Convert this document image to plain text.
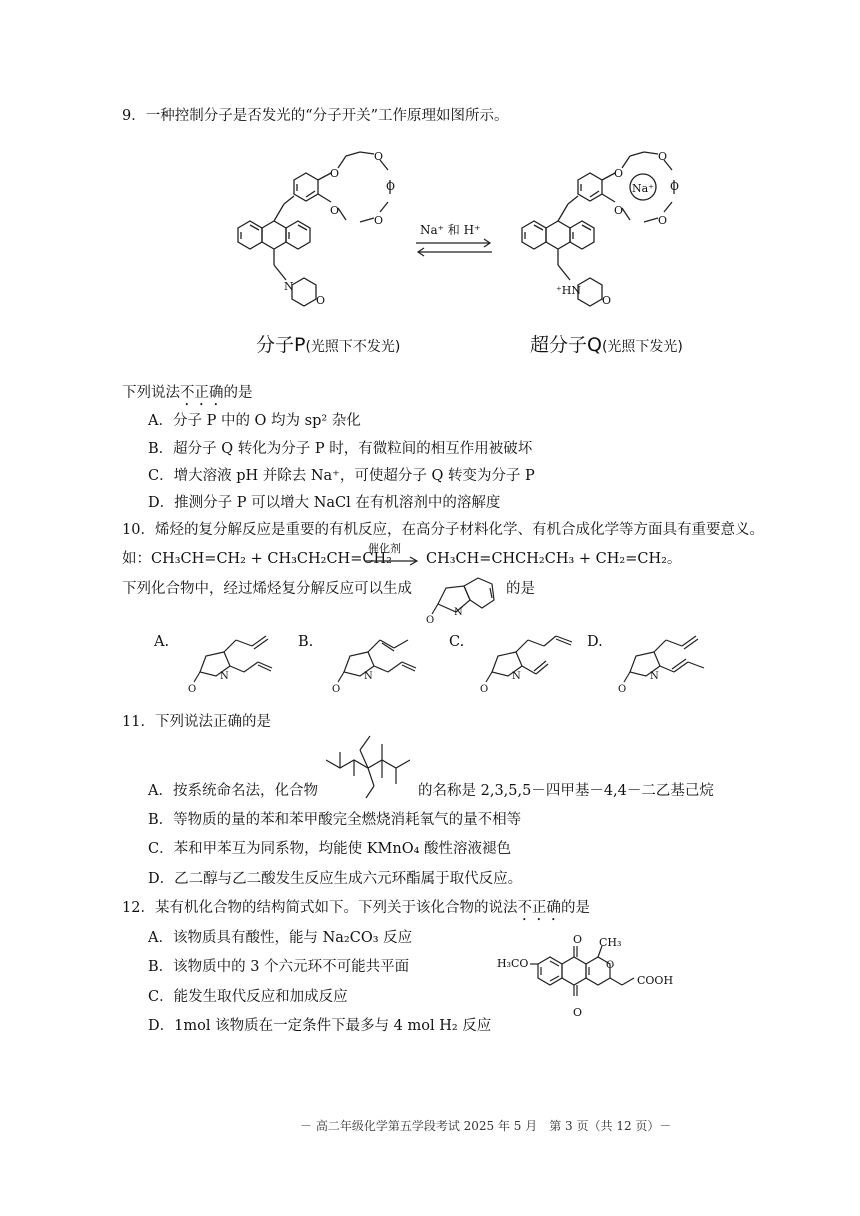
9．一种控制分子是否发光的“分子开关”工作原理如图所示。
O
O
O
O
O
N
O
Na⁺ 和 H⁺
O
O
O
O
O
O
Na⁺
⁺HN
分子P(光照下不发光)	超分子Q(光照下发光)
下列说法不正确的是
A．分子 P 中的 O 均为 sp² 杂化
B．超分子 Q 转化为分子 P 时，有微粒间的相互作用被破坏
C．增大溶液 pH 并除去 Na⁺，可使超分子 Q 转变为分子 P
D．推测分子 P 可以增大 NaCl 在有机溶剂中的溶解度
10．烯烃的复分解反应是重要的有机反应，在高分子材料化学、有机合成化学等方面具有重要意义。
如：CH₃CH=CH₂ + CH₃CH₂CH=CH₂
催化剂
CH₃CH=CHCH₂CH₃ + CH₂=CH₂。
下列化合物中，经过烯烃复分解反应可以生成
O
N
的是
A.	B.	C.	D.
O
N
O
N
O
N
O
N
11．下列说法正确的是
A．按系统命名法，化合物	的名称是 2,3,5,5－四甲基－4,4－二乙基己烷
B．等物质的量的苯和苯甲酸完全燃烧消耗氧气的量不相等
C．苯和甲苯互为同系物，均能使 KMnO₄ 酸性溶液褪色
D．乙二醇与乙二酸发生反应生成六元环酯属于取代反应。
12．某有机化合物的结构简式如下。下列关于该化合物的说法不正确的是
A．该物质具有酸性，能与 Na₂CO₃ 反应
B．该物质中的 3 个六元环不可能共平面
C．能发生取代反应和加成反应
D．1mol 该物质在一定条件下最多与 4 mol H₂ 反应
O
H₃CO
CH₃
COOH
O
O
－ 高二年级化学第五学段考试 2025 年 5 月　第 3 页（共 12 页）－
